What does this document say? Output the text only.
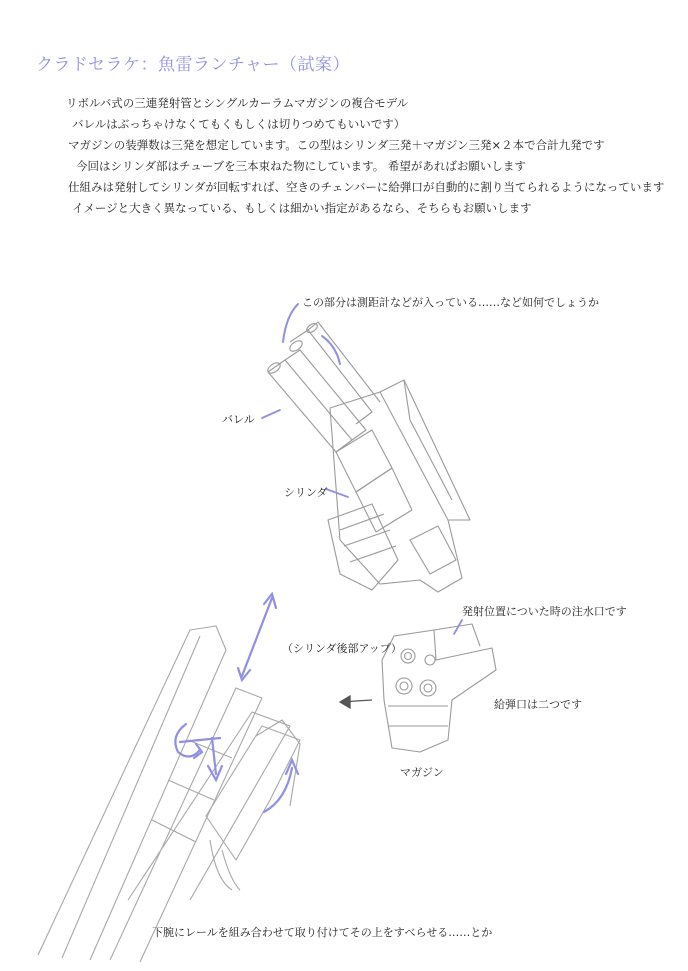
クラドセラケ：魚雷ランチャー（試案）
リボルバ式の三連発射管とシングルカーラムマガジンの複合モデル
バレルはぶっちゃけなくてもくもしくは切りつめてもいいです）
マガジンの装弾数は三発を想定しています。この型はシリンダ三発＋マガジン三発×２本で合計九発です
今回はシリンダ部はチューブを三本束ねた物にしています。 希望があればお願いします
仕組みは発射してシリンダが回転すれば、空きのチェンバーに給弾口が自動的に割り当てられるようになっています
イメージと大きく異なっている、もしくは細かい指定があるなら、そちらもお願いします
この部分は測距計などが入っている……など如何でしょうか
バレル
シリンダ
（シリンダ後部アップ）
発射位置についた時の注水口です
給弾口は二つです
マガジン
下腕にレールを組み合わせて取り付けてその上をすべらせる……とか
